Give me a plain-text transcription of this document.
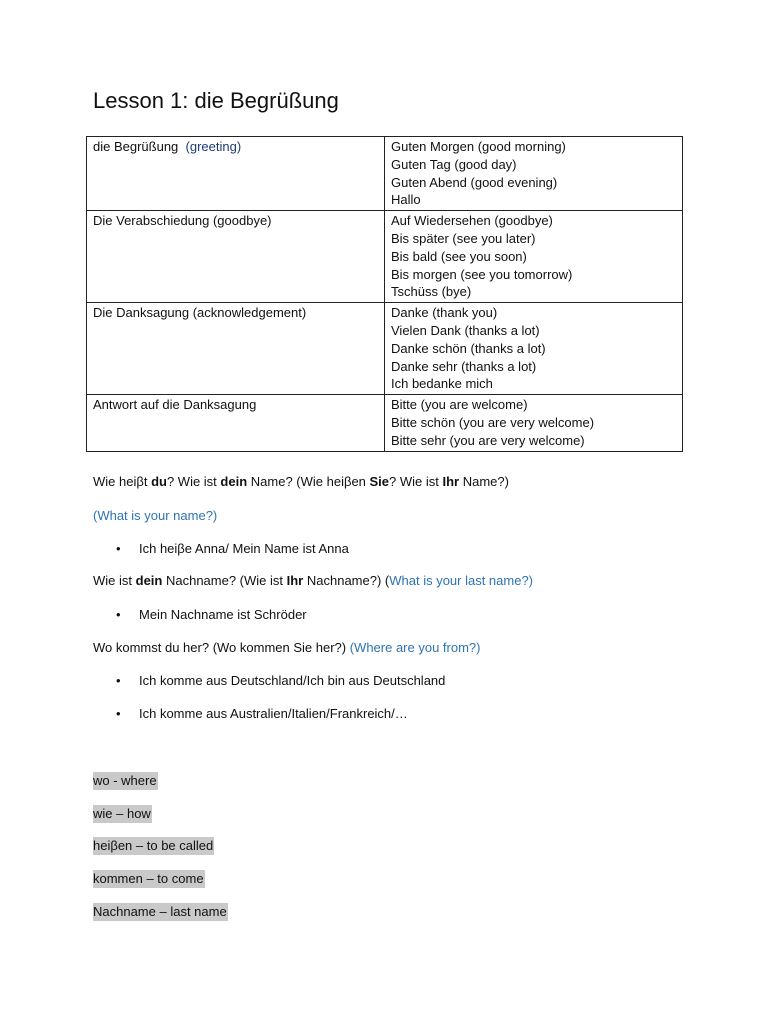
Lesson 1: die Begrüßung
die Begrüßung (greeting)	Guten Morgen (good morning)
Guten Tag (good day)
Guten Abend (good evening)
Hallo

Die Verabschiedung (goodbye)	Auf Wiedersehen (goodbye)
Bis später (see you later)
Bis bald (see you soon)
Bis morgen (see you tomorrow)
Tschüss (bye)

Die Danksagung (acknowledgement)	Danke (thank you)
Vielen Dank (thanks a lot)
Danke schön (thanks a lot)
Danke sehr (thanks a lot)
Ich bedanke mich

Antwort auf die Danksagung	Bitte (you are welcome)
Bitte schön (you are very welcome)
Bitte sehr (you are very welcome)

Wie heiβt du? Wie ist dein Name? (Wie heiβen Sie? Wie ist Ihr Name?)

(What is your name?)

• Ich heiβe Anna/ Mein Name ist Anna

Wie ist dein Nachname? (Wie ist Ihr Nachname?) (What is your last name?)

• Mein Nachname ist Schröder

Wo kommst du her? (Wo kommen Sie her?) (Where are you from?)

• Ich komme aus Deutschland/Ich bin aus Deutschland
• Ich komme aus Australien/Italien/Frankreich/…
wo - where
wie – how
heiβen – to be called
kommen – to come
Nachname – last name
